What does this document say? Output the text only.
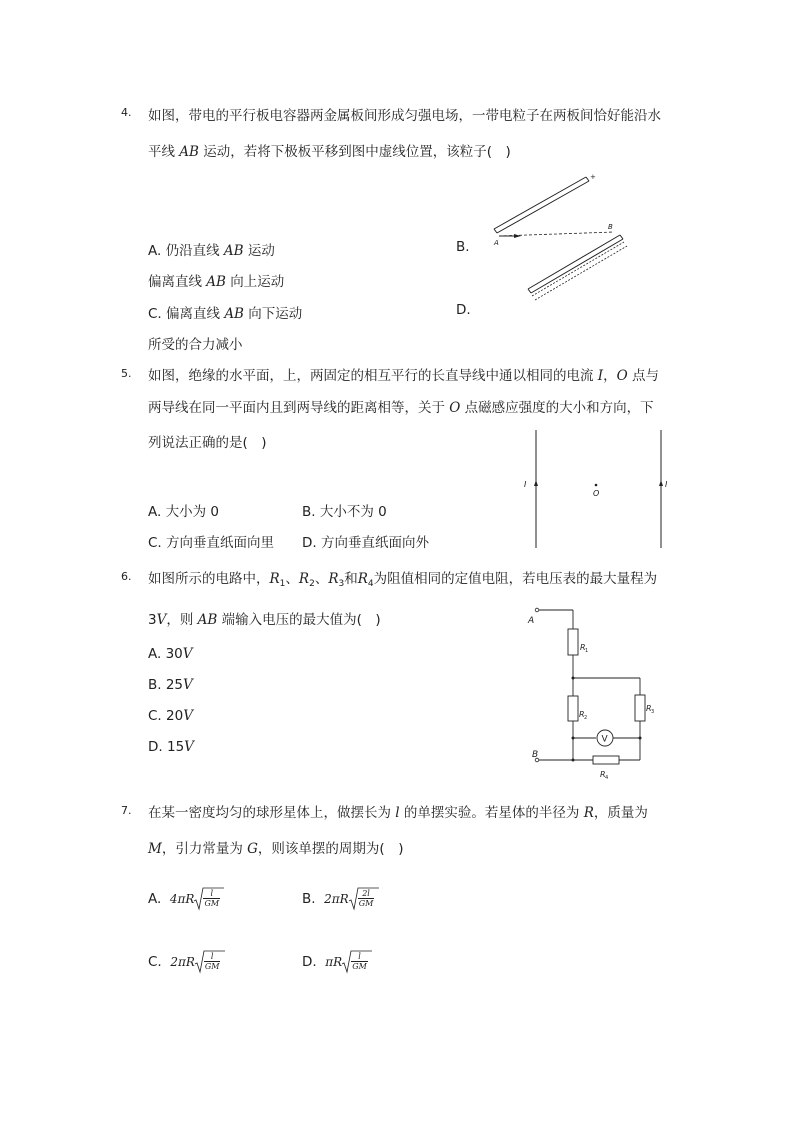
4. 如图，带电的平行板电容器两金属板间形成匀强电场，一带电粒子在两板间恰好能沿水
平线 AB 运动，若将下极板平移到图中虚线位置，该粒子(　)
+
A
B
A. 仍沿直线 AB 运动	B.
偏离直线 AB 向上运动
C. 偏离直线 AB 向下运动	D.
所受的合力减小
5. 如图，绝缘的水平面，上，两固定的相互平行的长直导线中通以相同的电流 I，O 点与
两导线在同一平面内且到两导线的距离相等，关于 O 点磁感应强度的大小和方向，下
列说法正确的是(　)
I	I
O
A. 大小为 0	B. 大小不为 0
C. 方向垂直纸面向里 D. 方向垂直纸面向外
6. 如图所示的电路中，$R_1$、$R_2$、$R_3$和$R_4$为阻值相同的定值电阻，若电压表的最大量程为
3V，则 AB 端输入电压的最大值为(　)
A. 30V
B. 25V
C. 20V
D. 15V
A
R 1
R 2
R 3
V
B
R 4
7. 在某一密度均匀的球形星体上，做摆长为 l 的单摆实验。若星体的半径为 R，质量为
M，引力常量为 G，则该单摆的周期为(　)
A. $4\pi R \frac{l}{GM}$	B. $2\pi R \frac{2l}{GM}$
C. $2\pi R \frac{l}{GM}$	D. πR $\frac{l}{GM}$
